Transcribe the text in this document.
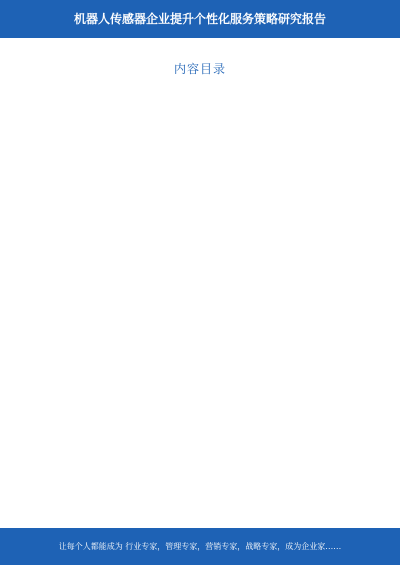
机器人传感器企业提升个性化服务策略研究报告
内容目录
让每个人都能成为 行业专家，管理专家，营销专家，战略专家，成为企业家……
